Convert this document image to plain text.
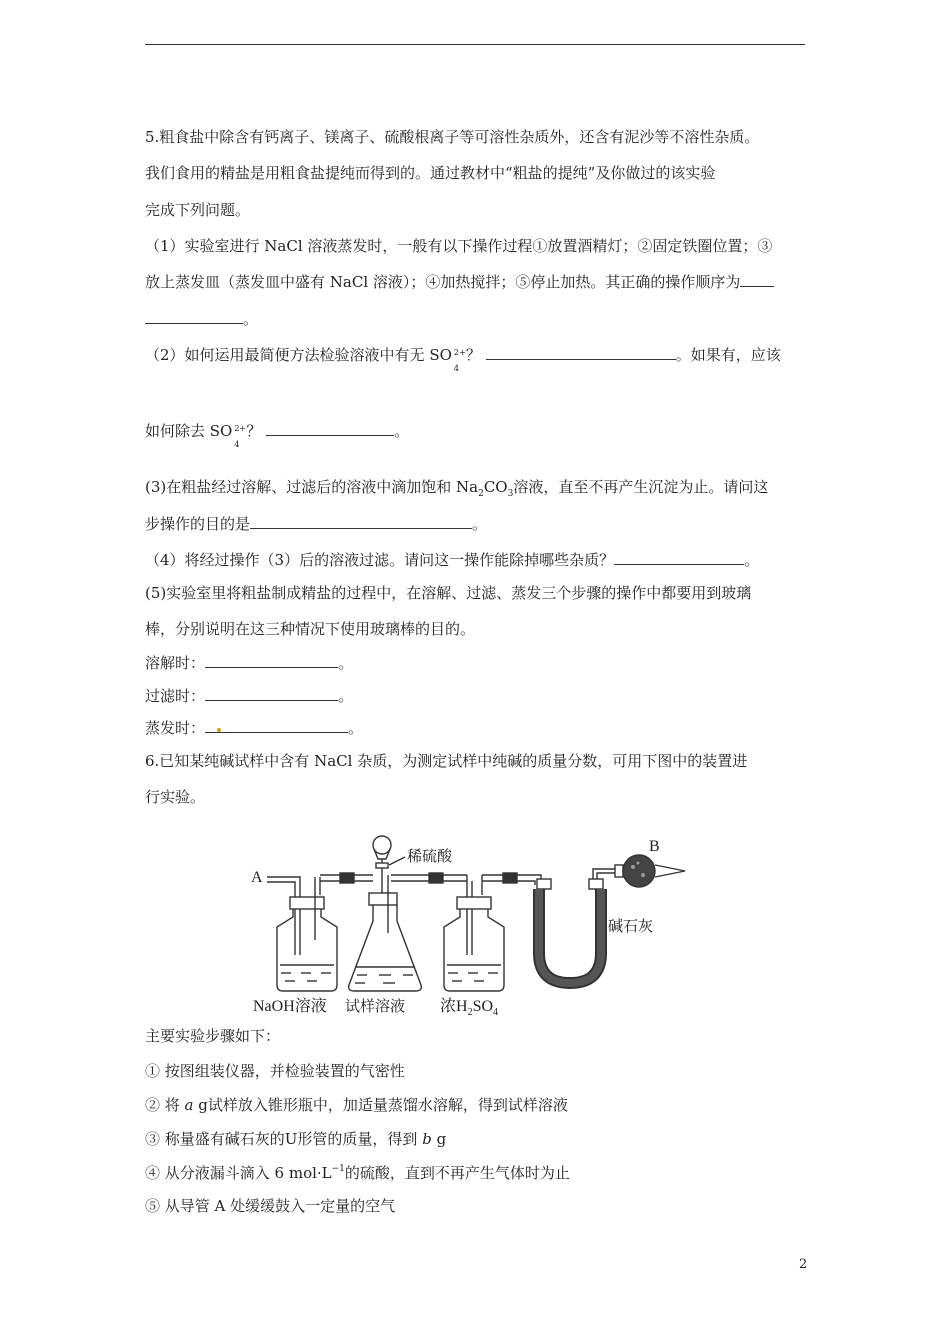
5.粗食盐中除含有钙离子、镁离子、硫酸根离子等可溶性杂质外，还含有泥沙等不溶性杂质。
我们食用的精盐是用粗食盐提纯而得到的。通过教材中“粗盐的提纯”及你做过的该实验
完成下列问题。
（1）实验室进行 NaCl 溶液蒸发时，一般有以下操作过程①放置酒精灯；②固定铁圈位置；③
放上蒸发皿（蒸发皿中盛有 NaCl 溶液）；④加热搅拌；⑤停止加热。其正确的操作顺序为
。
（2）如何运用最简便方法检验溶液中有无 SO 2+
4
？	。如果有，应该
如何除去 SO 2+
4
？	。
(3)在粗盐经过溶解、过滤后的溶液中滴加饱和 $Na_2CO_3$溶液，直至不再产生沉淀为止。请问这
步操作的目的是	。
（4）将经过操作（3）后的溶液过滤。请问这一操作能除掉哪些杂质？	。
(5)实验室里将粗盐制成精盐的过程中，在溶解、过滤、蒸发三个步骤的操作中都要用到玻璃
棒，分别说明在这三种情况下使用玻璃棒的目的。
溶解时：	。
过滤时：	。
蒸发时：	。
6.已知某纯碱试样中含有 NaCl 杂质，为测定试样中纯碱的质量分数，可用下图中的装置进
行实验。
A
稀硫酸
碱石灰
B
NaOH溶液 试样溶液 浓$H_2SO_4$
主要实验步骤如下：
① 按图组装仪器，并检验装置的气密性
② 将 a g试样放入锥形瓶中，加适量蒸馏水溶解，得到试样溶液
③ 称量盛有碱石灰的U形管的质量，得到 b g
④ 从分液漏斗滴入 6 $mol\cdot L^{-1}$的硫酸，直到不再产生气体时为止
⑤ 从导管 A 处缓缓鼓入一定量的空气
2
